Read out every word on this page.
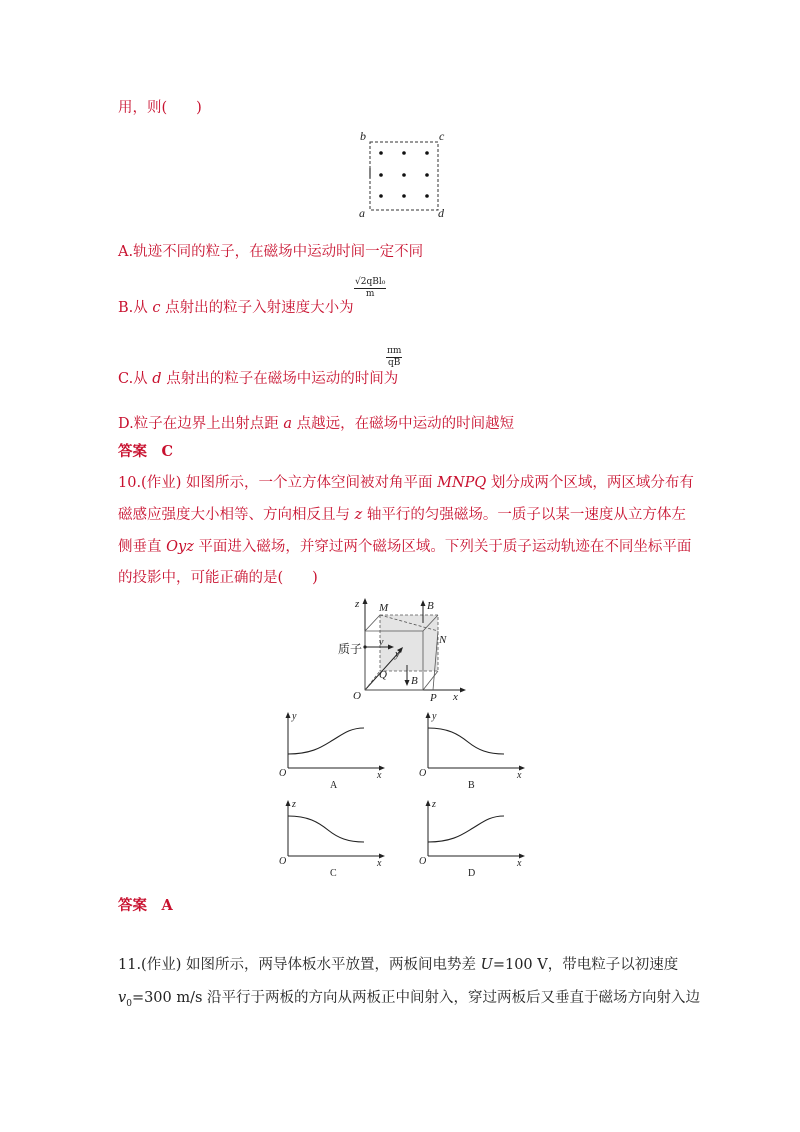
用，则(　　)
b	c
a	d
A.轨迹不同的粒子，在磁场中运动时间一定不同
B.从 c 点射出的粒子入射速度大小为
√2qBl₀
m
C.从 d 点射出的粒子在磁场中运动的时间为
$\frac{\pi m}{qB}$
D.粒子在边界上出射点距 a 点越远，在磁场中运动的时间越短
答案　 C
10.(作业) 如图所示，一个立方体空间被对角平面 MNPQ 划分成两个区域，两区域分布有
磁感应强度大小相等、方向相反且与 z 轴平行的匀强磁场。一质子以某一速度从立方体左
侧垂直 Oyz 平面进入磁场，并穿过两个磁场区域。下列关于质子运动轨迹在不同坐标平面
的投影中，可能正确的是(　　)
z M	B
N
v
y
Q B
O	P x
质子
y
O	x
A
y
O	x
B
z
O	x
C
z
O	x
D
答案　 A
11.(作业) 如图所示，两导体板水平放置，两板间电势差 U=100 V，带电粒子以初速度
$v_0=300$ m/s 沿平行于两板的方向从两板正中间射入，穿过两板后又垂直于磁场方向射入边
